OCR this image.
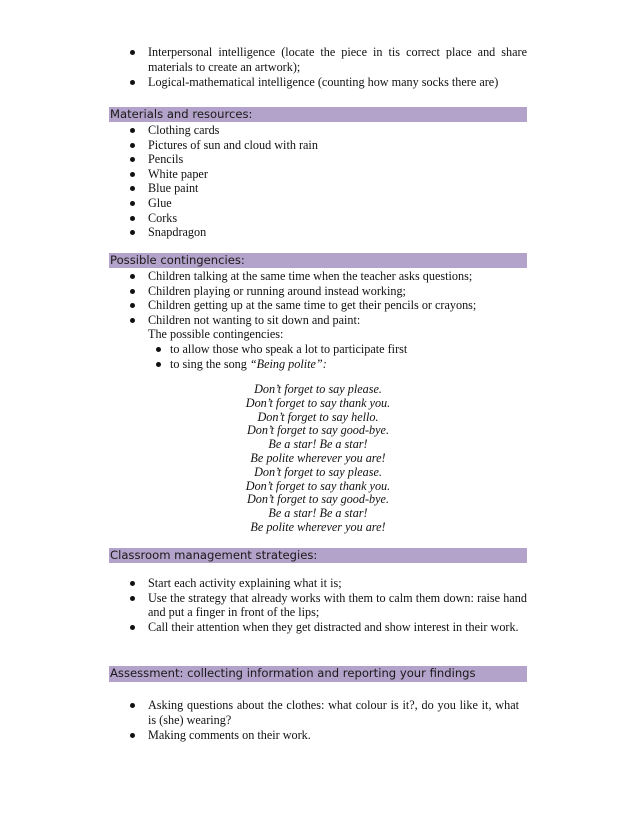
Interpersonal intelligence (locate the piece in tis correct place and share materials to create an artwork);
Logical-mathematical intelligence (counting how many socks there are)
Materials and resources:
Clothing cards
Pictures of sun and cloud with rain
Pencils
White paper
Blue paint
Glue
Corks
Snapdragon
Possible contingencies:
Children talking at the same time when the teacher asks questions;
Children playing or running around instead working;
Children getting up at the same time to get their pencils or crayons;
Children not wanting to sit down and paint:
The possible contingencies:
to allow those who speak a lot to participate first
to sing the song “Being polite”:
Don’t forget to say please.
Don’t forget to say thank you.
Don’t forget to say hello.
Don’t forget to say good-bye.
Be a star! Be a star!
Be polite wherever you are!
Don’t forget to say please.
Don’t forget to say thank you.
Don’t forget to say good-bye.
Be a star! Be a star!
Be polite wherever you are!
Classroom management strategies:
Start each activity explaining what it is;
Use the strategy that already works with them to calm them down: raise hand and put a finger in front of the lips;
Call their attention when they get distracted and show interest in their work.
Assessment: collecting information and reporting your findings
Asking questions about the clothes: what colour is it?, do you like it, what is (she) wearing?
Making comments on their work.
